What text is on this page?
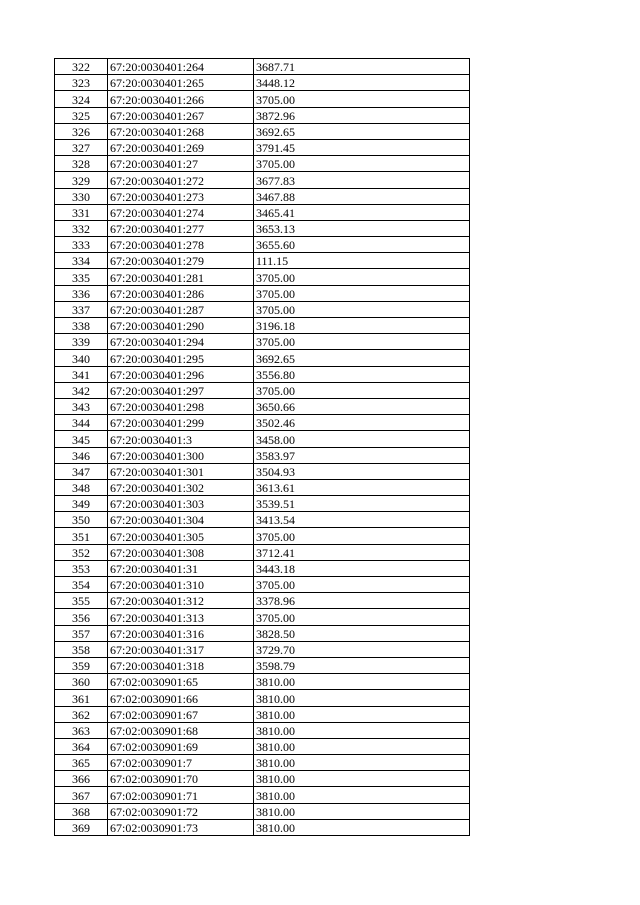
322	67:20:0030401:264	3687.71
323	67:20:0030401:265	3448.12
324	67:20:0030401:266	3705.00
325	67:20:0030401:267	3872.96
326	67:20:0030401:268	3692.65
327	67:20:0030401:269	3791.45
328	67:20:0030401:27	3705.00
329	67:20:0030401:272	3677.83
330	67:20:0030401:273	3467.88
331	67:20:0030401:274	3465.41
332	67:20:0030401:277	3653.13
333	67:20:0030401:278	3655.60
334	67:20:0030401:279	111.15
335	67:20:0030401:281	3705.00
336	67:20:0030401:286	3705.00
337	67:20:0030401:287	3705.00
338	67:20:0030401:290	3196.18
339	67:20:0030401:294	3705.00
340	67:20:0030401:295	3692.65
341	67:20:0030401:296	3556.80
342	67:20:0030401:297	3705.00
343	67:20:0030401:298	3650.66
344	67:20:0030401:299	3502.46
345	67:20:0030401:3	3458.00
346	67:20:0030401:300	3583.97
347	67:20:0030401:301	3504.93
348	67:20:0030401:302	3613.61
349	67:20:0030401:303	3539.51
350	67:20:0030401:304	3413.54
351	67:20:0030401:305	3705.00
352	67:20:0030401:308	3712.41
353	67:20:0030401:31	3443.18
354	67:20:0030401:310	3705.00
355	67:20:0030401:312	3378.96
356	67:20:0030401:313	3705.00
357	67:20:0030401:316	3828.50
358	67:20:0030401:317	3729.70
359	67:20:0030401:318	3598.79
360	67:02:0030901:65	3810.00
361	67:02:0030901:66	3810.00
362	67:02:0030901:67	3810.00
363	67:02:0030901:68	3810.00
364	67:02:0030901:69	3810.00
365	67:02:0030901:7	3810.00
366	67:02:0030901:70	3810.00
367	67:02:0030901:71	3810.00
368	67:02:0030901:72	3810.00
369	67:02:0030901:73	3810.00
